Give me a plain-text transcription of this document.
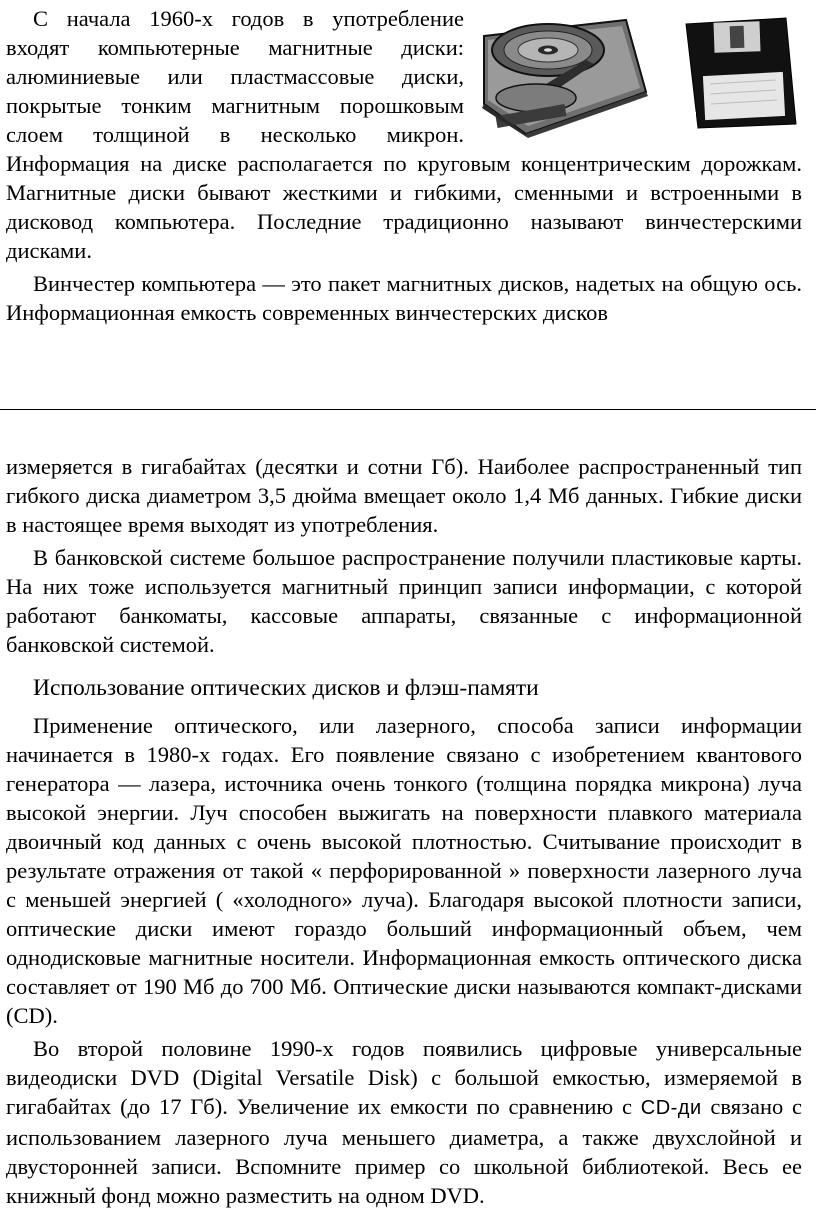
С начала 1960-х годов в употребление входят компьютерные магнитные диски: алюминиевые или пластмассовые диски, покрытые тонким магнитным порошковым слоем толщиной в несколько микрон. Информация на диске располагается по круговым концентрическим дорожкам. Магнитные диски бывают жесткими и гибкими, сменными и встроенными в дисковод компьютера. Последние традиционно называют винчестерскими дисками.

Винчестер компьютера — это пакет магнитных дисков, надетых на общую ось. Информационная емкость современных винчестерских дисков

измеряется в гигабайтах (десятки и сотни Гб). Наиболее распространенный тип гибкого диска диаметром 3,5 дюйма вмещает около 1,4 Мб данных. Гибкие диски в настоящее время выходят из употребления.

В банковской системе большое распространение получили пластиковые карты. На них тоже используется магнитный принцип записи информации, с которой работают банкоматы, кассовые аппараты, связанные с информационной банковской системой.

Использование оптических дисков и флэш-памяти

Применение оптического, или лазерного, способа записи информации начинается в 1980-х годах. Его появление связано с изобретением квантового генератора — лазера, источника очень тонкого (толщина порядка микрона) луча высокой энергии. Луч способен выжигать на поверхности плавкого материала двоичный код данных с очень высокой плотностью. Считывание происходит в результате отражения от такой « перфорированной » поверхности лазерного луча с меньшей энергией ( «холодного» луча). Благодаря высокой плотности записи, оптические диски имеют гораздо больший информационный объем, чем однодисковые магнитные носители. Информационная емкость оптического диска составляет от 190 Мб до 700 Мб. Оптические диски называются компакт-дисками (CD).

Во второй половине 1990-х годов появились цифровые универсальные видеодиски DVD (Digital Versatile Disk) с большой емкостью, измеряемой в гигабайтах (до 17 Гб). Увеличение их емкости по сравнению с CD-ди связано с использованием лазерного луча меньшего диаметра, а также двухслойной и двусторонней записи. Вспомните пример со школьной библиотекой. Весь ее книжный фонд можно разместить на одном DVD.
